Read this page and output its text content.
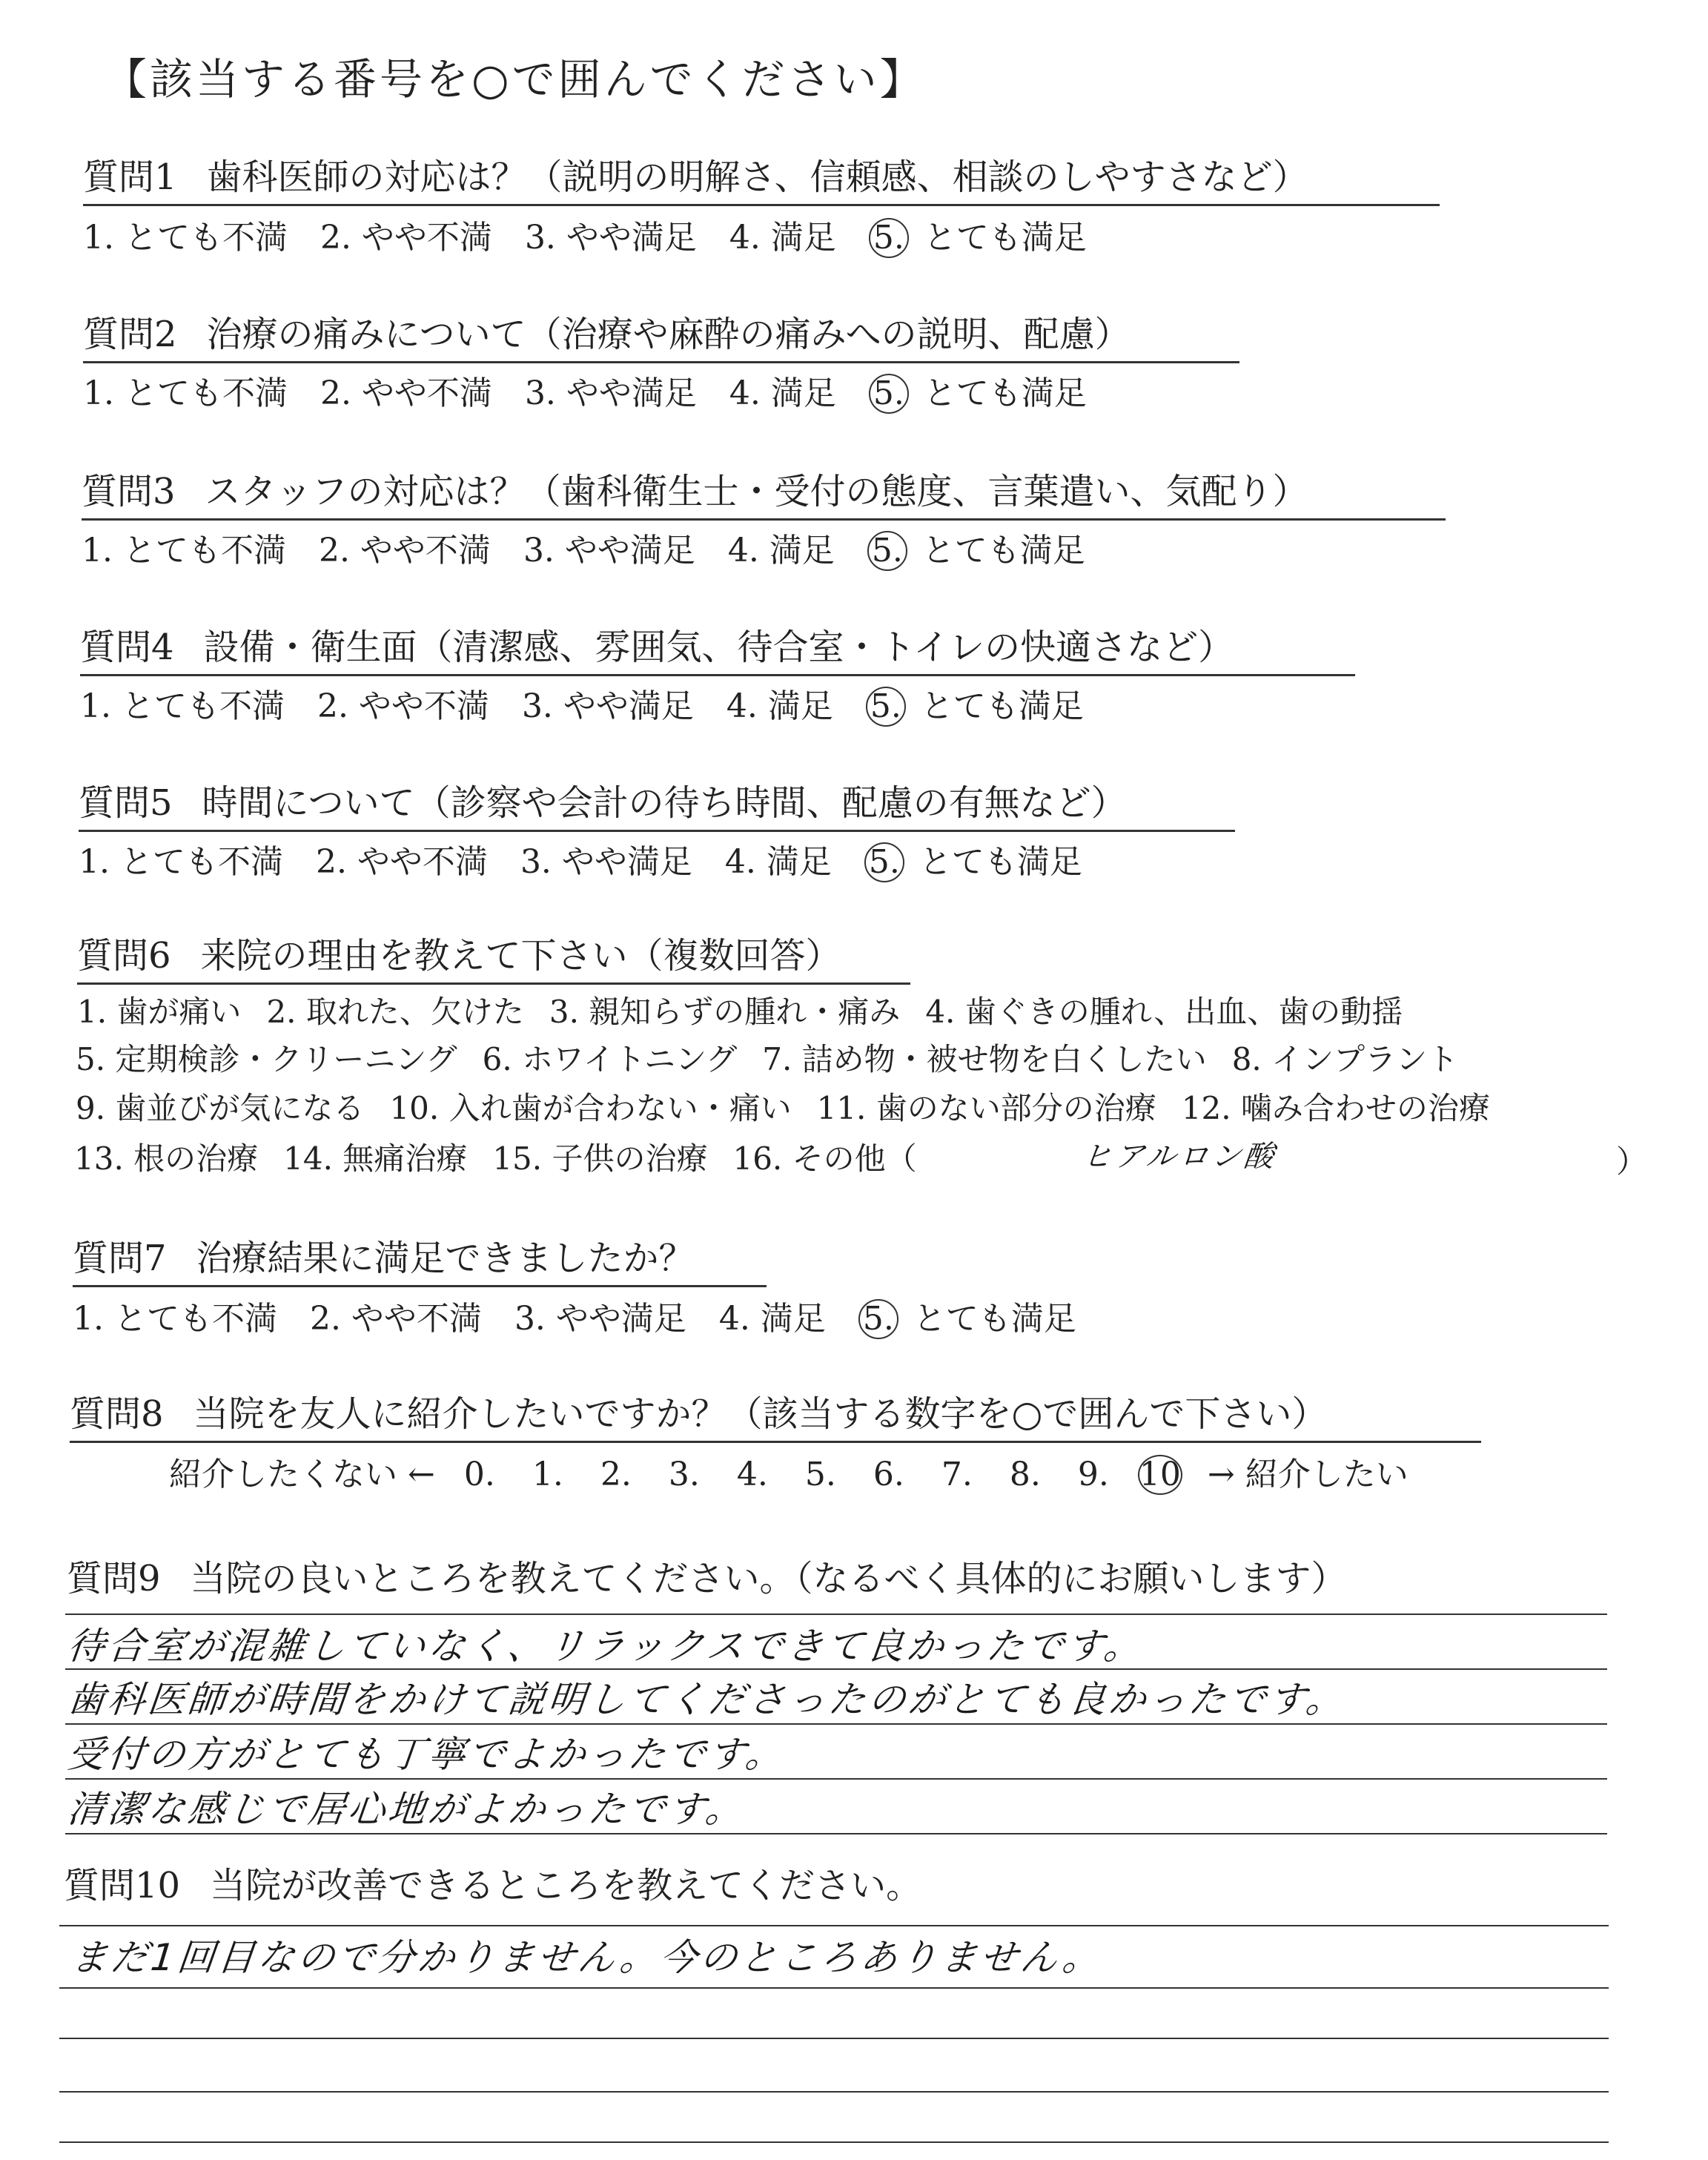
【該当する番号を○で囲んでください】
質問1 歯科医師の対応は？（説明の明解さ、信頼感、相談のしやすさなど）
1. とても不満 2. やや不満 3. やや満足 4. 満足 5. とても満足
質問2 治療の痛みについて（治療や麻酔の痛みへの説明、配慮）
1. とても不満 2. やや不満 3. やや満足 4. 満足 5. とても満足
質問3 スタッフの対応は？（歯科衛生士・受付の態度、言葉遣い、気配り）
1. とても不満 2. やや不満 3. やや満足 4. 満足 5. とても満足
質問4 設備・衛生面（清潔感、雰囲気、待合室・トイレの快適さなど）
1. とても不満 2. やや不満 3. やや満足 4. 満足 5. とても満足
質問5 時間について（診察や会計の待ち時間、配慮の有無など）
1. とても不満 2. やや不満 3. やや満足 4. 満足 5. とても満足
質問6 来院の理由を教えて下さい（複数回答）
1. 歯が痛い 2. 取れた、欠けた 3. 親知らずの腫れ・痛み 4. 歯ぐきの腫れ、出血、歯の動揺
5. 定期検診・クリーニング 6. ホワイトニング 7. 詰め物・被せ物を白くしたい 8. インプラント
9. 歯並びが気になる 10. 入れ歯が合わない・痛い 11. 歯のない部分の治療 12. 噛み合わせの治療
13. 根の治療 14. 無痛治療 15. 子供の治療 16. その他（	ヒアルロン酸	）
質問7 治療結果に満足できましたか？
1. とても不満 2. やや不満 3. やや満足 4. 満足 5. とても満足
質問8 当院を友人に紹介したいですか？（該当する数字を○で囲んで下さい）
紹介したくない ← 0. 1. 2. 3. 4. 5. 6. 7. 8. 9. 10 → 紹介したい
質問9 当院の良いところを教えてください。（なるべく具体的にお願いします）
待合室が混雑していなく、リラックスできて良かったです。
歯科医師が時間をかけて説明してくださったのがとても良かったです。
受付の方がとても丁寧でよかったです。
清潔な感じで居心地がよかったです。
質問10 当院が改善できるところを教えてください。
まだ1回目なので分かりません。今のところありません。
